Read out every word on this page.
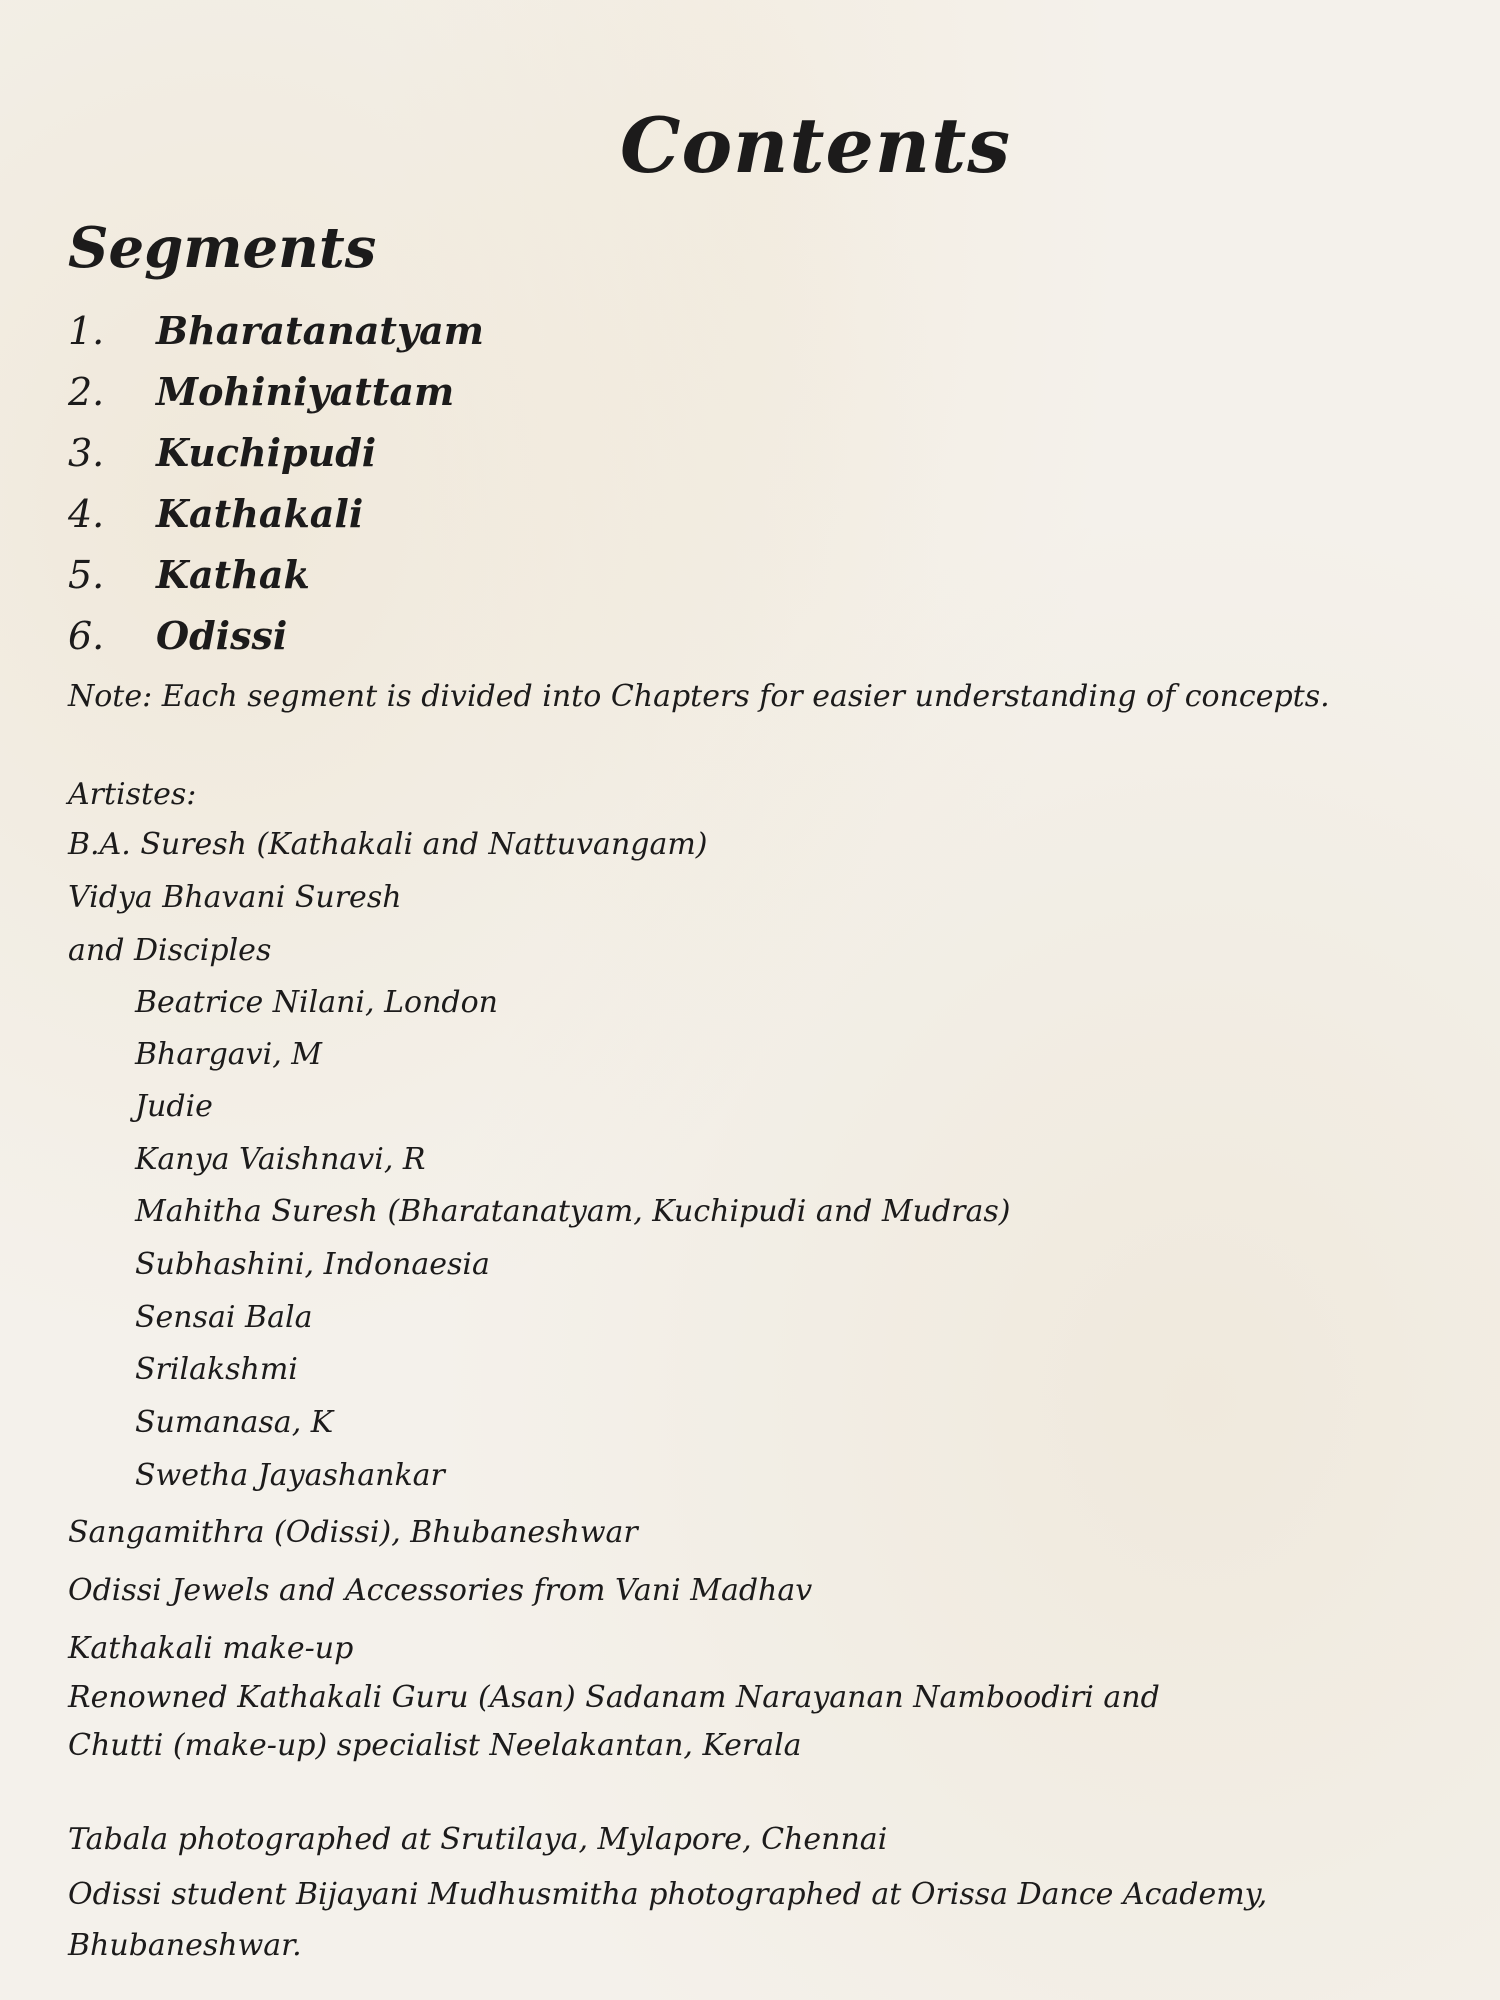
Contents
Segments
1. Bharatanatyam
2. Mohiniyattam
3. Kuchipudi
4. Kathakali
5. Kathak
6. Odissi

Note: Each segment is divided into Chapters for easier understanding of concepts.

Artistes:

B.A. Suresh (Kathakali and Nattuvangam)

Vidya Bhavani Suresh

and Disciples

Beatrice Nilani, London

Bhargavi, M

Judie

Kanya Vaishnavi, R

Mahitha Suresh (Bharatanatyam, Kuchipudi and Mudras)

Subhashini, Indonaesia

Sensai Bala

Srilakshmi

Sumanasa, K

Swetha Jayashankar

Sangamithra (Odissi), Bhubaneshwar

Odissi Jewels and Accessories from Vani Madhav

Kathakali make-up

Renowned Kathakali Guru (Asan) Sadanam Narayanan Namboodiri and

Chutti (make-up) specialist Neelakantan, Kerala

Tabala photographed at Srutilaya, Mylapore, Chennai

Odissi student Bijayani Mudhusmitha photographed at Orissa Dance Academy,

Bhubaneshwar.
